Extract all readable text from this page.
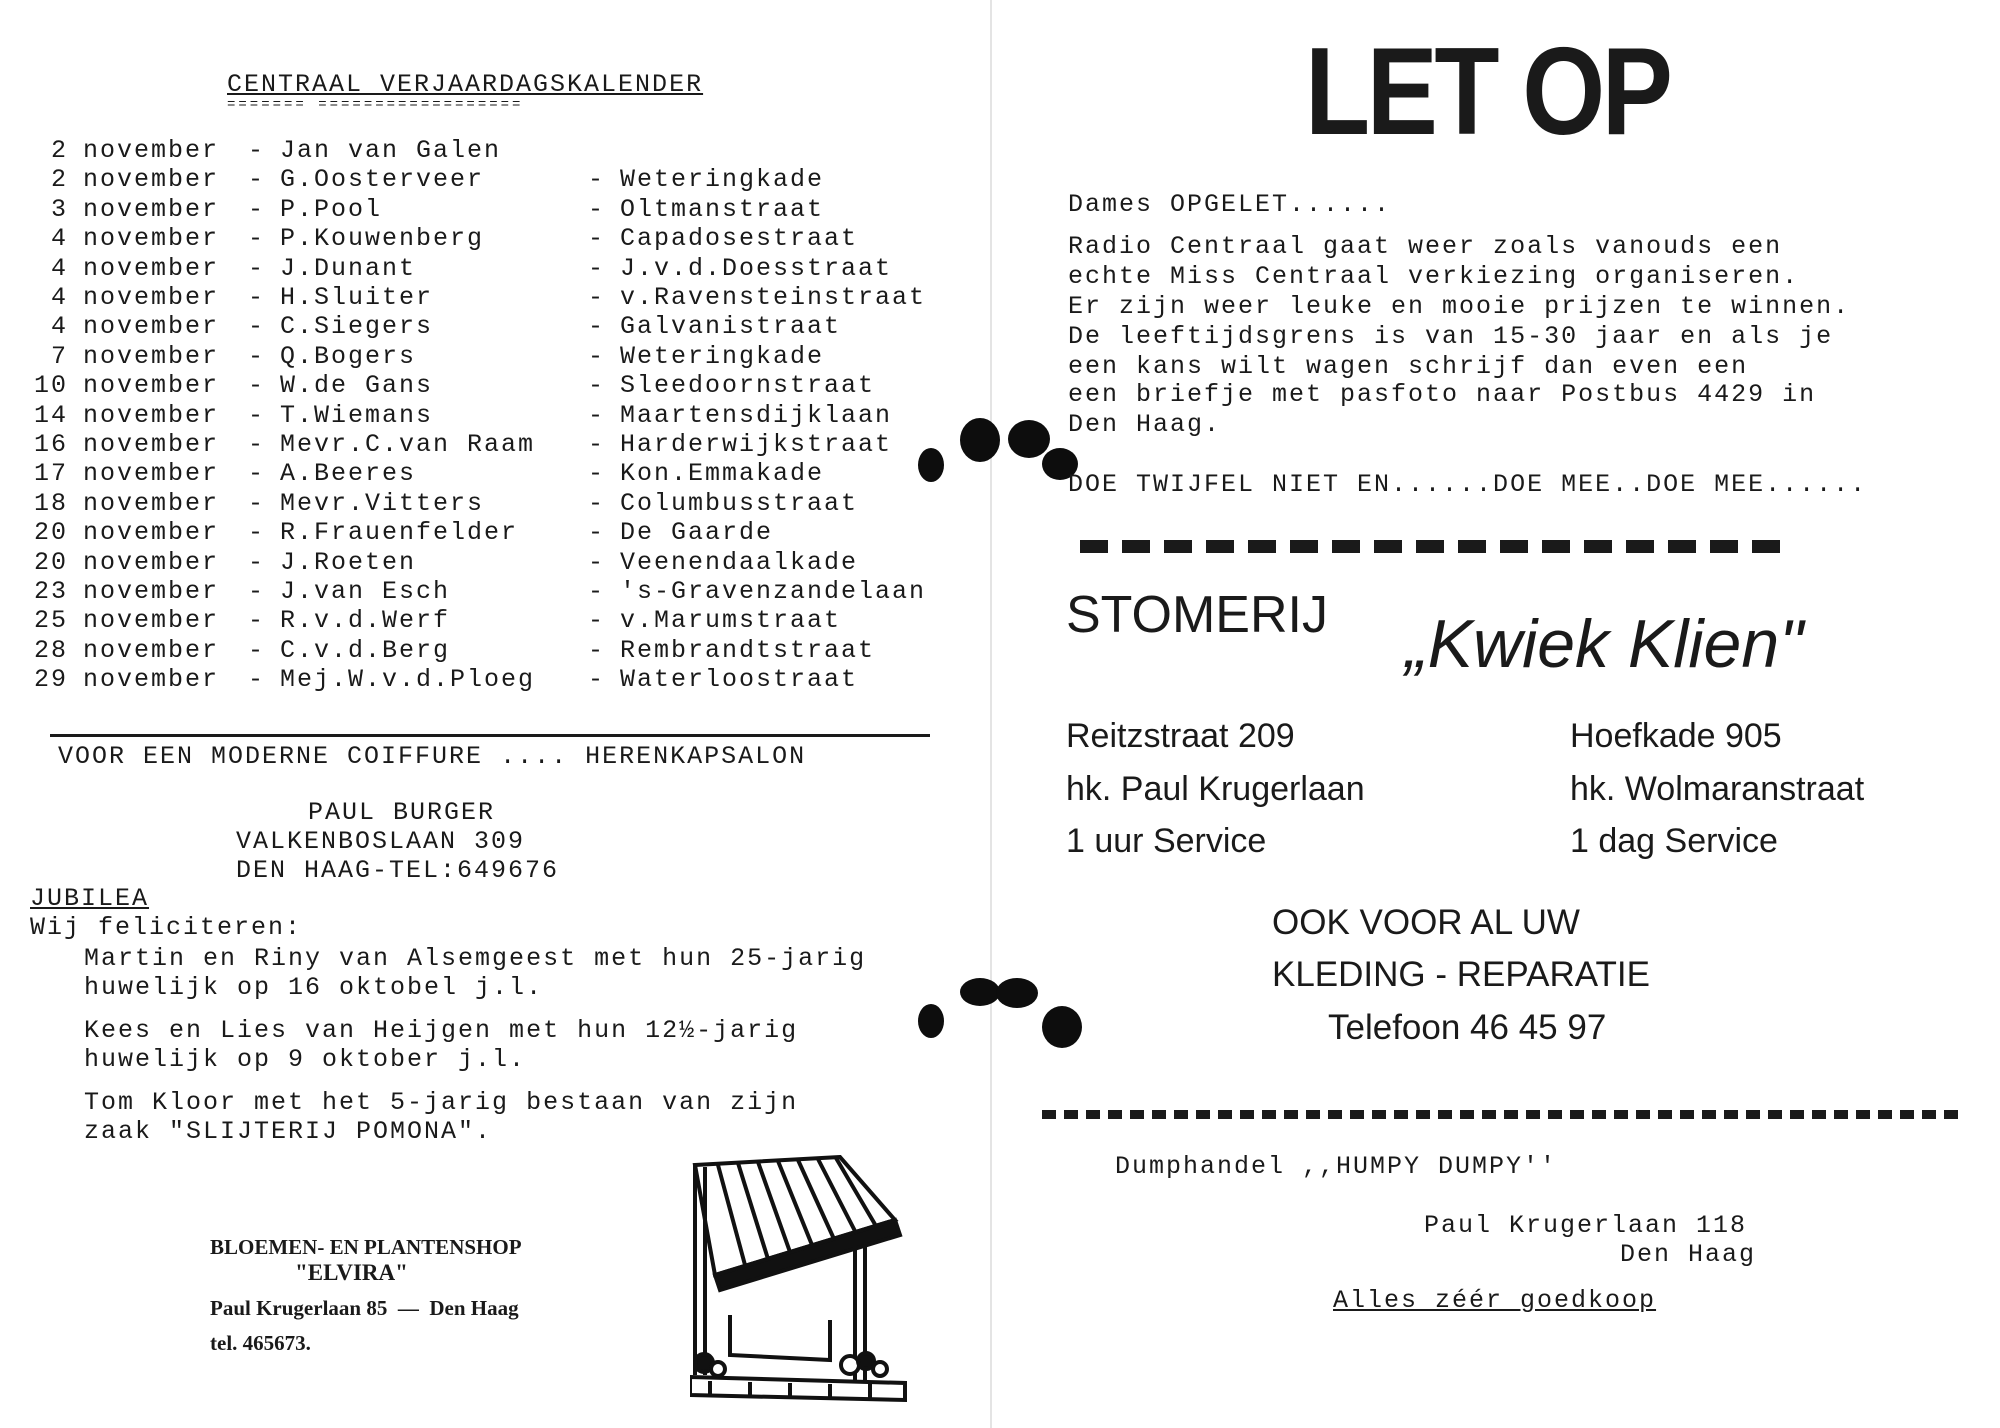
CENTRAAL VERJAARDAGSKALENDER
======= ==================
2 november - Jan van Galen
2 november - G.Oosterveer	- Weteringkade
3 november - P.Pool	- Oltmanstraat
4 november - P.Kouwenberg	- Capadosestraat
4 november - J.Dunant	- J.v.d.Doesstraat
4 november - H.Sluiter	- v.Ravensteinstraat
4 november - C.Siegers	- Galvanistraat
7 november - Q.Bogers	- Weteringkade
10 november - W.de Gans	- Sleedoornstraat
14 november - T.Wiemans	- Maartensdijklaan
16 november - Mevr.C.van Raam - Harderwijkstraat
17 november - A.Beeres	- Kon.Emmakade
18 november - Mevr.Vitters	- Columbusstraat
20 november - R.Frauenfelder	- De Gaarde
20 november - J.Roeten	- Veenendaalkade
23 november - J.van Esch	- 's-Gravenzandelaan
25 november - R.v.d.Werf	- v.Marumstraat
28 november - C.v.d.Berg	- Rembrandtstraat
29 november - Mej.W.v.d.Ploeg - Waterloostraat
VOOR EEN MODERNE COIFFURE .... HERENKAPSALON
PAUL BURGER
VALKENBOSLAAN 309
DEN HAAG-TEL:649676
JUBILEA
Wij feliciteren:
Martin en Riny van Alsemgeest met hun 25-jarig
huwelijk op 16 oktobel j.l.
Kees en Lies van Heijgen met hun 12½-jarig
huwelijk op 9 oktober j.l.
Tom Kloor met het 5-jarig bestaan van zijn
zaak "SLIJTERIJ POMONA".
BLOEMEN- EN PLANTENSHOP
"ELVIRA"
Paul Krugerlaan 85  —  Den Haag
tel. 465673.
LET OP
Dames OPGELET......
Radio Centraal gaat weer zoals vanouds een
echte Miss Centraal verkiezing organiseren.
Er zijn weer leuke en mooie prijzen te winnen.
De leeftijdsgrens is van 15-30 jaar en als je
een kans wilt wagen schrijf dan even een
een briefje met pasfoto naar Postbus 4429 in
Den Haag.
DOE TWIJFEL NIET EN......DOE MEE..DOE MEE......
STOMERIJ „Kwiek Klien"
Reitzstraat 209
hk. Paul Krugerlaan
1 uur Service
Hoefkade 905
hk. Wolmaranstraat
1 dag Service
OOK VOOR AL UW
KLEDING - REPARATIE
Telefoon 46 45 97
Dumphandel ,,HUMPY DUMPY''
Paul Krugerlaan 118
Den Haag
Alles zéér goedkoop
